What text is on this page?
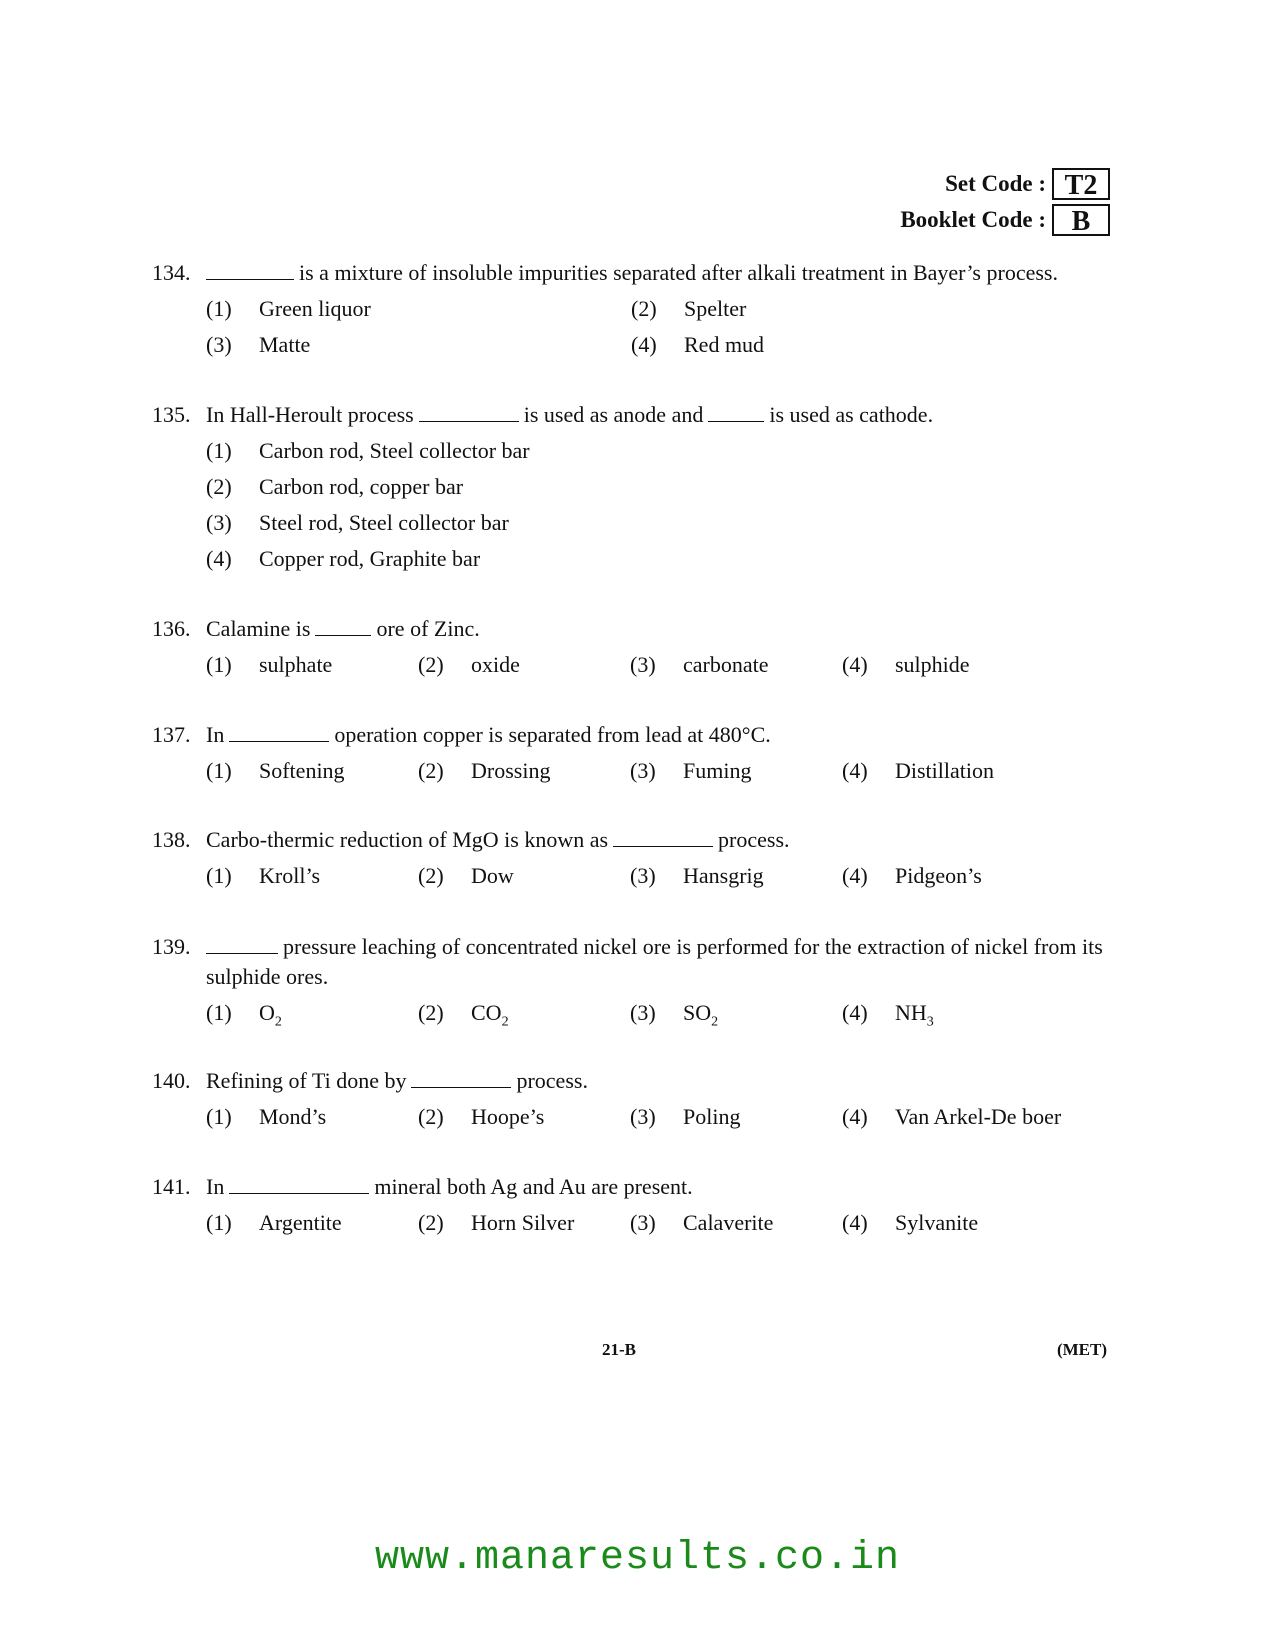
Set Code : T2
Booklet Code : B
134.	is a mixture of insoluble impurities separated after alkali treatment in Bayer’s process.
(1)	Green liquor	(2)	Spelter
(3)	Matte	(4)	Red mud
135. In Hall-Heroult process	is used as anode and	is used as cathode.
(1)	Carbon rod, Steel collector bar
(2)	Carbon rod, copper bar
(3)	Steel rod, Steel collector bar
(4)	Copper rod, Graphite bar
136. Calamine is	ore of Zinc.
(1)	sulphate	(2)	oxide	(3)	carbonate	(4)	sulphide
137. In	operation copper is separated from lead at 480°C.
(1)	Softening	(2)	Drossing	(3)	Fuming	(4)	Distillation
138. Carbo-thermic reduction of MgO is known as	process.
(1)	Kroll’s	(2)	Dow	(3)	Hansgrig	(4)	Pidgeon’s
139.	pressure leaching of concentrated nickel ore is performed for the extraction of nickel from its sulphide ores.
(1)	$O_2$	(2)	$CO_2$	(3)	$SO_2$	(4)	$NH_3$
140. Refining of Ti done by	process.
(1)	Mond’s	(2)	Hoope’s	(3)	Poling	(4)	Van Arkel-De boer
141. In	mineral both Ag and Au are present.
(1)	Argentite	(2)	Horn Silver	(3)	Calaverite	(4)	Sylvanite
21-B	(MET)
www.manaresults.co.in
